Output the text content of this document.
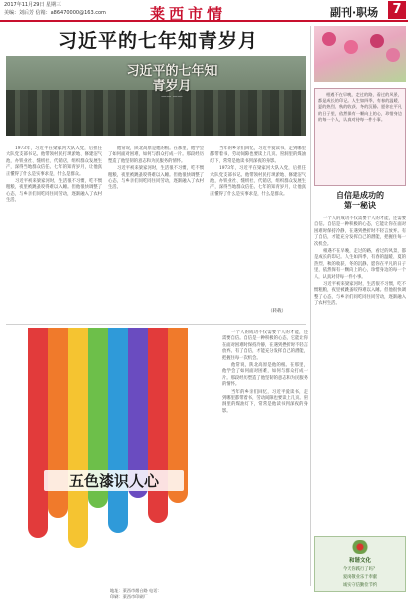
2017年11月29日 星期三
美编：刘后芳 信箱：a86470000@163.com	莱西市情	副刊·职场	7
习近平的七年知青岁月
习近平的七年知青岁月
—— ——

1973年，习近平在梁家河大队入党，后担任大队党支部书记。他带领村民打坝淤地、修建沼气池，办铁业社、缝纫社、代销店，组织群众发展生产，深得当地群众信任。七年的知青岁月，让他真正懂得了什么是实事求是，什么是群众。

习近平初来梁家河时，生活很不习惯，吃不惯粗粮，夜里被跳蚤咬得难以入睡。但他很快调整了心态，与乡亲们同吃同住同劳动，逐渐融入了农村生活。

他常说，陕北高原是他的根。在那里，他学会了如何面对困难，如何与群众打成一片。那段经历塑造了他坚韧的意志和为民服务的情怀。

习近平初来梁家河时，生活很不习惯，吃不惯粗粮，夜里被跳蚤咬得难以入睡。但他很快调整了心态，与乡亲们同吃同住同劳动，逐渐融入了农村生活。

当年的乡亲们回忆，习近平爱读书，走到哪里都带着书，劳动间隙也要读上几页。窑洞里的煤油灯下，常常是他读书到深夜的身影。

1973年，习近平在梁家河大队入党，后担任大队党支部书记。他带领村民打坝淤地、修建沼气池，办铁业社、缝纫社、代销店，组织群众发展生产，深得当地群众信任。七年的知青岁月，让他真正懂得了什么是实事求是，什么是群众。

（转载）
五色漆识人心

一个人的成功不仅需要个人的才能，还需要自信。自信是一种积极的心态，它能让你在面对困难时保持冷静，在遇到挫折时不轻言放弃。有了自信，才能充分发挥自己的潜能，把握住每一次机会。

他常说，陕北高原是他的根。在那里，他学会了如何面对困难，如何与群众打成一片。那段经历塑造了他坚韧的意志和为民服务的情怀。

当年的乡亲们回忆，习近平爱读书，走到哪里都带着书，劳动间隙也要读上几页。窑洞里的煤油灯下，常常是他读书到深夜的身影。

相遇不在早晚，走过的路，看过的风景，都是成长的印记。人生如四季，有春的温暖、夏的热烈、秋的收获、冬的沉静。愿你在平凡的日子里，依然保有一颗向上的心，珍惜身边的每一个人，认真对待每一件小事。
自信是成功的
第一秘诀

一个人的成功不仅需要个人的才能，还需要自信。自信是一种积极的心态，它能让你在面对困难时保持冷静，在遇到挫折时不轻言放弃。有了自信，才能充分发挥自己的潜能，把握住每一次机会。

相遇不在早晚，走过的路，看过的风景，都是成长的印记。人生如四季，有春的温暖、夏的热烈、秋的收获、冬的沉静。愿你在平凡的日子里，依然保有一颗向上的心，珍惜身边的每一个人，认真对待每一件小事。

习近平初来梁家河时，生活很不习惯，吃不惯粗粮，夜里被跳蚤咬得难以入睡。但他很快调整了心态，与乡亲们同吃同住同劳动，逐渐融入了农村生活。

和谐文化
今天你践行了吗？
爱岗敬业乐于奉献
诚实守信勤俭节约
地址：莱西市烟台路 电话：
印刷：莱西市印刷厂
